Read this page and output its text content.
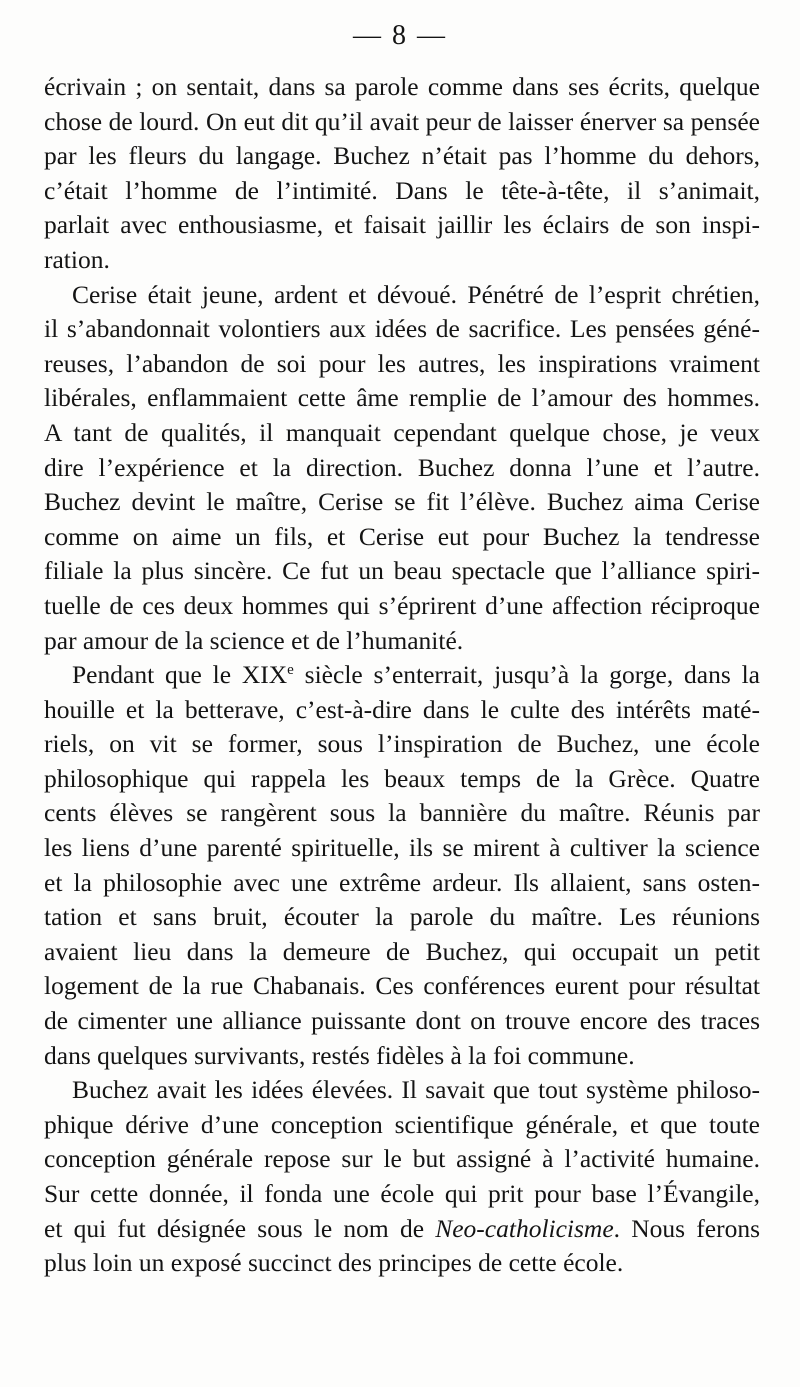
— 8 —
écrivain ; on sentait, dans sa parole comme dans ses écrits, quelque
chose de lourd. On eut dit qu’il avait peur de laisser énerver sa pensée
par les fleurs du langage. Buchez n’était pas l’homme du dehors,
c’était l’homme de l’intimité. Dans le tête-à-tête, il s’animait,
parlait avec enthousiasme, et faisait jaillir les éclairs de son inspi-
ration.
Cerise était jeune, ardent et dévoué. Pénétré de l’esprit chrétien,
il s’abandonnait volontiers aux idées de sacrifice. Les pensées géné-
reuses, l’abandon de soi pour les autres, les inspirations vraiment
libérales, enflammaient cette âme remplie de l’amour des hommes.
A tant de qualités, il manquait cependant quelque chose, je veux
dire l’expérience et la direction. Buchez donna l’une et l’autre.
Buchez devint le maître, Cerise se fit l’élève. Buchez aima Cerise
comme on aime un fils, et Cerise eut pour Buchez la tendresse
filiale la plus sincère. Ce fut un beau spectacle que l’alliance spiri-
tuelle de ces deux hommes qui s’éprirent d’une affection réciproque
par amour de la science et de l’humanité.
Pendant que le XIXe siècle s’enterrait, jusqu’à la gorge, dans la
houille et la betterave, c’est-à-dire dans le culte des intérêts maté-
riels, on vit se former, sous l’inspiration de Buchez, une école
philosophique qui rappela les beaux temps de la Grèce. Quatre
cents élèves se rangèrent sous la bannière du maître. Réunis par
les liens d’une parenté spirituelle, ils se mirent à cultiver la science
et la philosophie avec une extrême ardeur. Ils allaient, sans osten-
tation et sans bruit, écouter la parole du maître. Les réunions
avaient lieu dans la demeure de Buchez, qui occupait un petit
logement de la rue Chabanais. Ces conférences eurent pour résultat
de cimenter une alliance puissante dont on trouve encore des traces
dans quelques survivants, restés fidèles à la foi commune.
Buchez avait les idées élevées. Il savait que tout système philoso-
phique dérive d’une conception scientifique générale, et que toute
conception générale repose sur le but assigné à l’activité humaine.
Sur cette donnée, il fonda une école qui prit pour base l’Évangile,
et qui fut désignée sous le nom de Neo-catholicisme. Nous ferons
plus loin un exposé succinct des principes de cette école.
